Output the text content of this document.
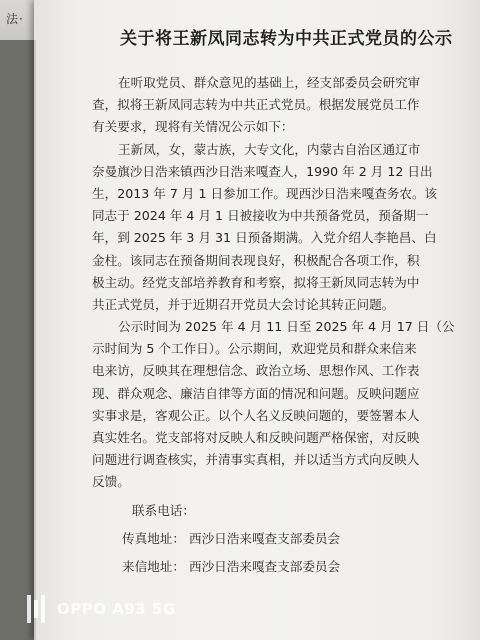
法·
关于将王新凤同志转为中共正式党员的公示
在听取党员、群众意见的基础上，经支部委员会研究审
查，拟将王新凤同志转为中共正式党员。根据发展党员工作
有关要求，现将有关情况公示如下：
王新凤，女，蒙古族，大专文化，内蒙古自治区通辽市
奈曼旗沙日浩来镇西沙日浩来嘎查人，1990 年 2 月 12 日出
生，2013 年 7 月 1 日参加工作。现西沙日浩来嘎查务农。该
同志于 2024 年 4 月 1 日被接收为中共预备党员，预备期一
年，到 2025 年 3 月 31 日预备期满。入党介绍人李艳昌、白
金柱。该同志在预备期间表现良好，积极配合各项工作，积
极主动。经党支部培养教育和考察，拟将王新凤同志转为中
共正式党员，并于近期召开党员大会讨论其转正问题。
公示时间为 2025 年 4 月 11 日至 2025 年 4 月 17 日（公
示时间为 5 个工作日）。公示期间，欢迎党员和群众来信来
电来访，反映其在理想信念、政治立场、思想作风、工作表
现、群众观念、廉洁自律等方面的情况和问题。反映问题应
实事求是，客观公正。以个人名义反映问题的，要签署本人
真实姓名。党支部将对反映人和反映问题严格保密，对反映
问题进行调查核实，并清事实真相，并以适当方式向反映人
反馈。
联系电话：
传真地址： 西沙日浩来嘎查支部委员会
来信地址： 西沙日浩来嘎查支部委员会
OPPO A93 5G
